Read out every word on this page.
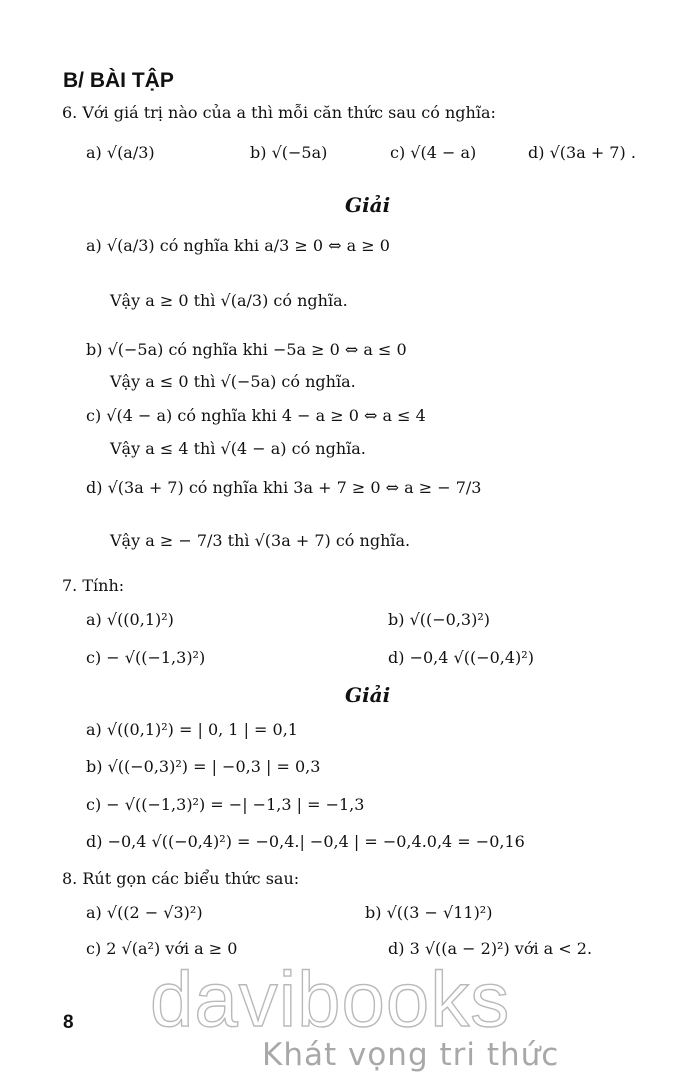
B/ BÀI TẬP
6. Với giá trị nào của a thì mỗi căn thức sau có nghĩa:
a) √(a/3)	b) √(−5a)	c) √(4 − a)	d) √(3a + 7) .
Giải
a) √(a/3) có nghĩa khi a/3 ≥ 0 ⇔ a ≥ 0
Vậy a ≥ 0 thì √(a/3) có nghĩa.
b) √(−5a) có nghĩa khi −5a ≥ 0 ⇔ a ≤ 0
Vậy a ≤ 0 thì √(−5a) có nghĩa.
c) √(4 − a) có nghĩa khi 4 − a ≥ 0 ⇔ a ≤ 4
Vậy a ≤ 4 thì √(4 − a) có nghĩa.
d) √(3a + 7) có nghĩa khi 3a + 7 ≥ 0 ⇔ a ≥ − 7/3
Vậy a ≥ − 7/3 thì √(3a + 7) có nghĩa.
7. Tính:
a) √((0,1)²)	b) √((−0,3)²)
c) − √((−1,3)²)	d) −0,4 √((−0,4)²)
Giải
a) √((0,1)²) = | 0, 1 | = 0,1
b) √((−0,3)²) = | −0,3 | = 0,3
c) − √((−1,3)²) = −| −1,3 | = −1,3
d) −0,4 √((−0,4)²) = −0,4.| −0,4 | = −0,4.0,4 = −0,16
8. Rút gọn các biểu thức sau:
a) √((2 − √3)²)	b) √((3 − √11)²)
c) 2 √(a²) với a ≥ 0	d) 3 √((a − 2)²) với a < 2.
8 davibooks
Khát vọng tri thức
